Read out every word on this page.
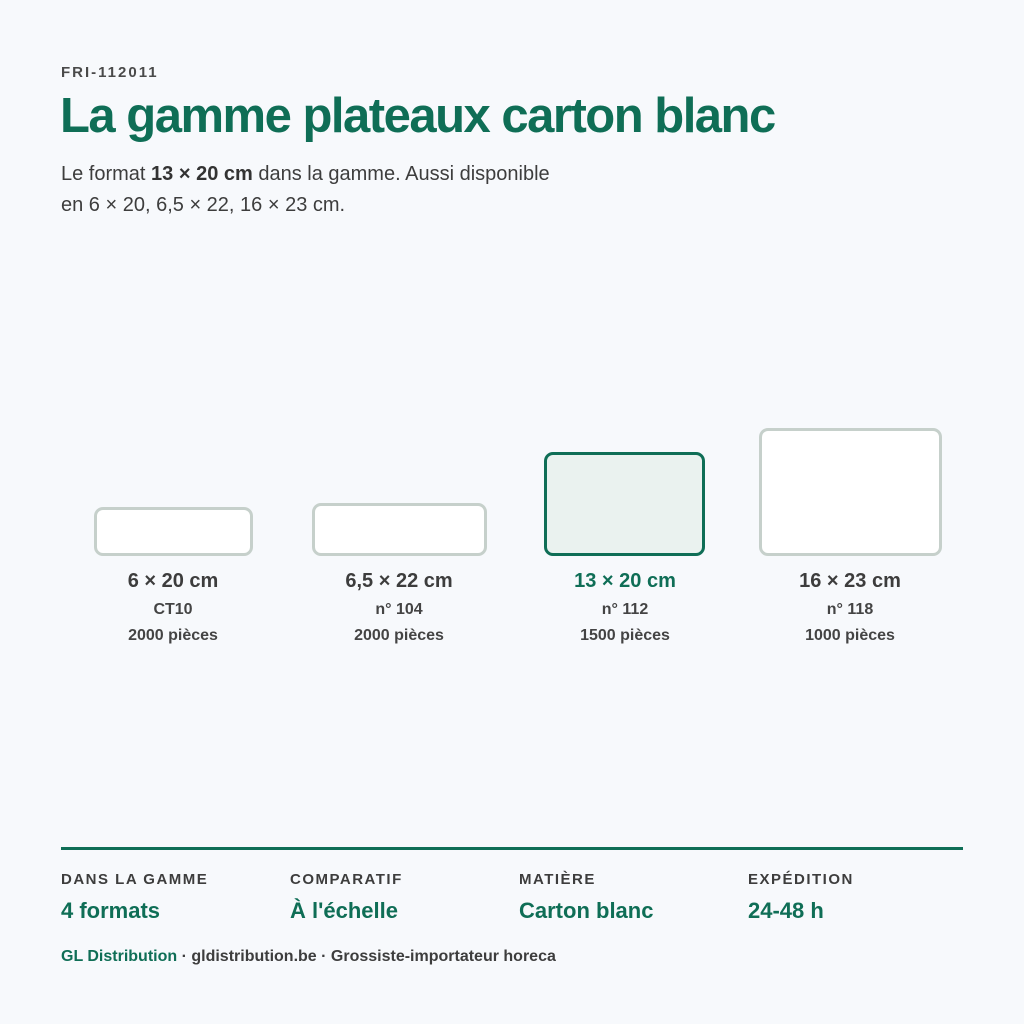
FRI-112011
La gamme plateaux carton blanc
Le format 13 × 20 cm dans la gamme. Aussi disponible
en 6 × 20, 6,5 × 22, 16 × 23 cm.
6 × 20 cm
CT10
2000 pièces
6,5 × 22 cm
n° 104
2000 pièces
13 × 20 cm
n° 112
1500 pièces
16 × 23 cm
n° 118
1000 pièces
DANS LA GAMME
4 formats
COMPARATIF
À l'échelle
MATIÈRE
Carton blanc
EXPÉDITION
24-48 h
GL Distribution · gldistribution.be · Grossiste-importateur horeca
